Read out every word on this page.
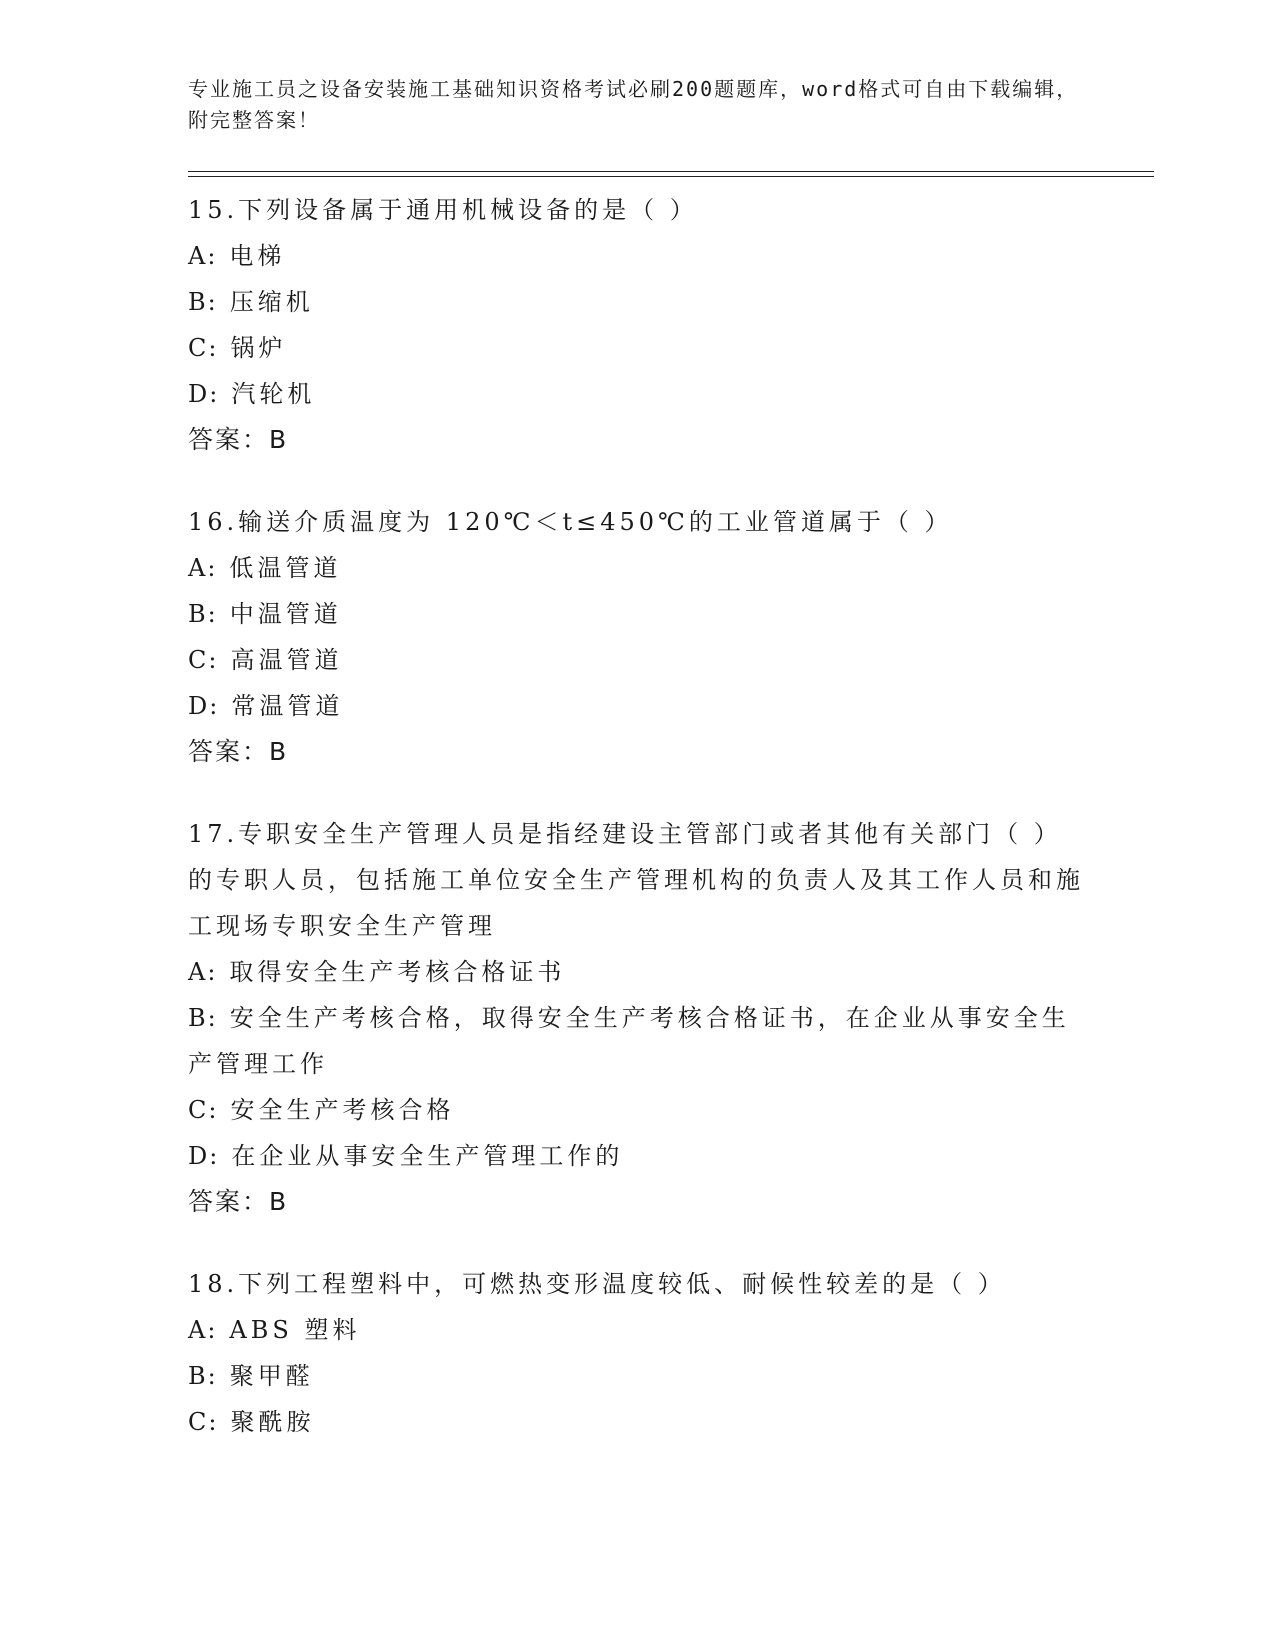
专业施工员之设备安装施工基础知识资格考试必刷200题题库，word格式可自由下载编辑，附完整答案！

15.下列设备属于通用机械设备的是（ ）

A: 电梯

B: 压缩机

C: 锅炉

D: 汽轮机

答案：B

16.输送介质温度为 120℃＜t≤450℃的工业管道属于（ ）

A: 低温管道

B: 中温管道

C: 高温管道

D: 常温管道

答案：B

17.专职安全生产管理人员是指经建设主管部门或者其他有关部门（ ）的专职人员，包括施工单位安全生产管理机构的负责人及其工作人员和施工现场专职安全生产管理

A: 取得安全生产考核合格证书

B: 安全生产考核合格，取得安全生产考核合格证书，在企业从事安全生产管理工作

C: 安全生产考核合格

D: 在企业从事安全生产管理工作的

答案：B

18.下列工程塑料中，可燃热变形温度较低、耐候性较差的是（ ）

A: ABS 塑料

B: 聚甲醛

C: 聚酰胺
